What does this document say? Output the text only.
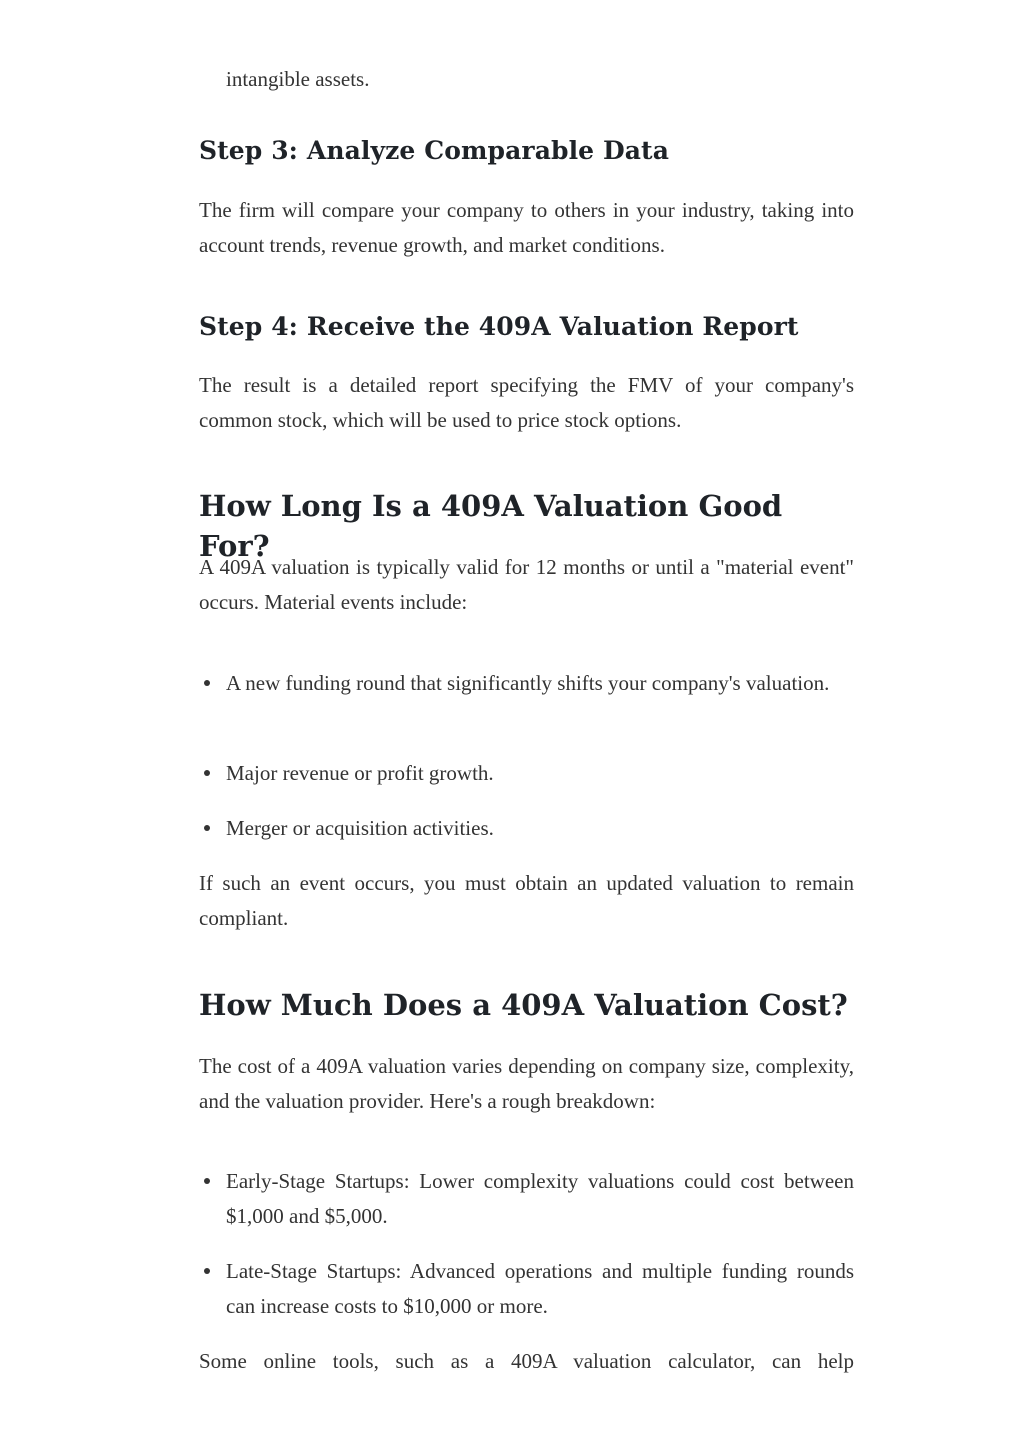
intangible assets.

Step 3: Analyze Comparable Data

The firm will compare your company to others in your industry, taking into account trends, revenue growth, and market conditions.

Step 4: Receive the 409A Valuation Report

The result is a detailed report specifying the FMV of your company's common stock, which will be used to price stock options.

How Long Is a 409A Valuation Good For?

A 409A valuation is typically valid for 12 months or until a "material event" occurs. Material events include:

A new funding round that significantly shifts your company's valuation.
Major revenue or profit growth.
Merger or acquisition activities.

If such an event occurs, you must obtain an updated valuation to remain compliant.

How Much Does a 409A Valuation Cost?

The cost of a 409A valuation varies depending on company size, complexity, and the valuation provider. Here's a rough breakdown:

Early-Stage Startups: Lower complexity valuations could cost between $1,000 and $5,000.
Late-Stage Startups: Advanced operations and multiple funding rounds can increase costs to $10,000 or more.

Some online tools, such as a 409A valuation calculator, can help
